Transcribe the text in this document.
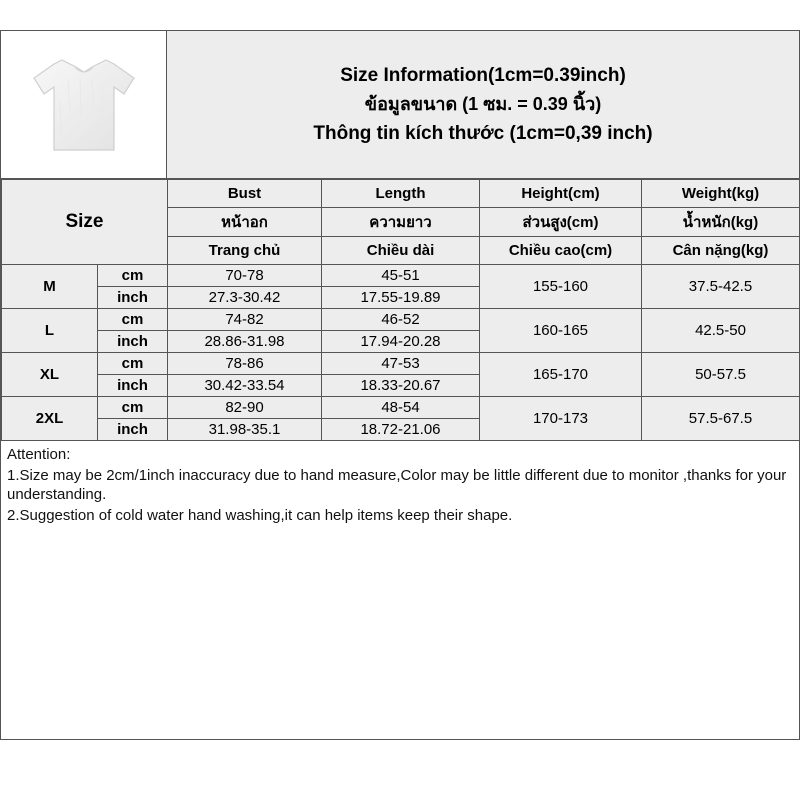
Size Information(1cm=0.39inch)
ข้อมูลขนาด (1 ซม. = 0.39 นิ้ว)
Thông tin kích thước (1cm=0,39 inch)
Size		Bust	Length	Height(cm)	Weight(kg)
		หน้าอก	ความยาว	ส่วนสูง(cm)	น้ำหนัก(kg)
		Trang chủ	Chiều dài	Chiều cao(cm)	Cân nặng(kg)
M	cm	70-78	45-51	155-160	37.5-42.5
	inch	27.3-30.42	17.55-19.89		
L	cm	74-82	46-52	160-165	42.5-50
	inch	28.86-31.98	17.94-20.28		
XL	cm	78-86	47-53	165-170	50-57.5
	inch	30.42-33.54	18.33-20.67		
2XL	cm	82-90	48-54	170-173	57.5-67.5
	inch	31.98-35.1	18.72-21.06		

Attention:

1.Size may be 2cm/1inch inaccuracy due to hand measure,Color may be little different due to monitor ,thanks for your understanding.

2.Suggestion of cold water hand washing,it can help items keep their shape.
